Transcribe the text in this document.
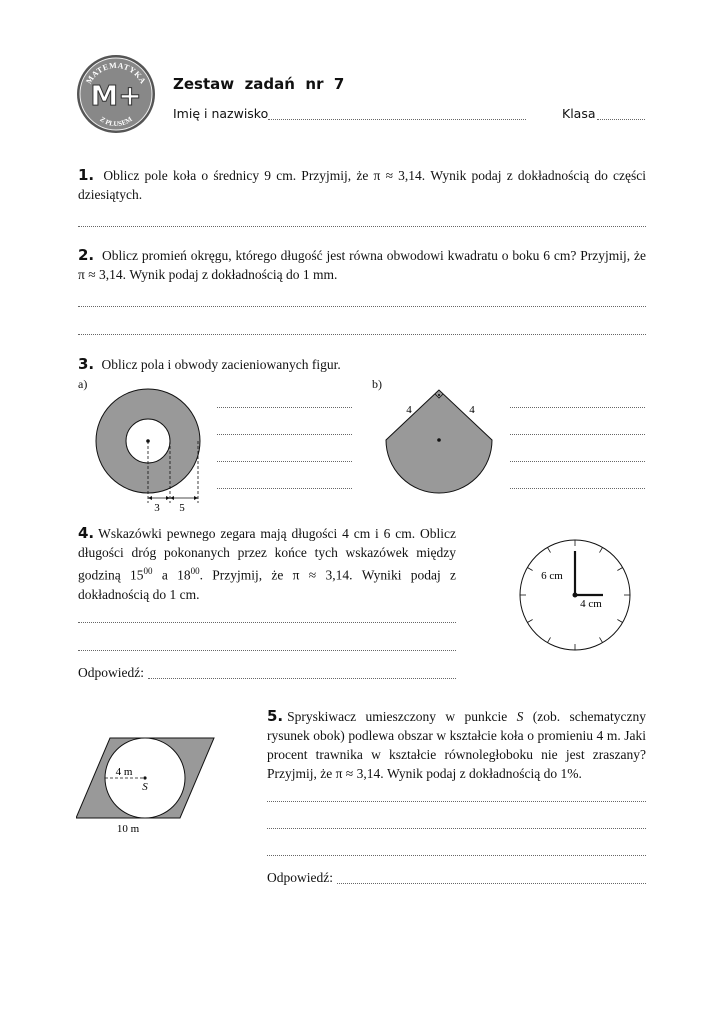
MATEMATYKA
Z PLUSEM
M+ Zestaw  zadań  nr  7
Imię i nazwisko	Klasa
1. Oblicz pole koła o średnicy 9 cm. Przyjmij, że π ≈ 3,14. Wynik podaj z dokładnością do części dziesiątych.
2. Oblicz promień okręgu, którego długość jest równa obwodowi kwadratu o boku 6 cm? Przyjmij, że π ≈ 3,14. Wynik podaj z dokładnością do 1 mm.
3. Oblicz pola i obwody zacieniowanych figur.
a)	b)
3 5
4	4
4. Wskazówki pewnego zegara mają długości 4 cm i 6 cm. Oblicz długości dróg pokonanych przez końce tych wskazówek między godziną $15^{00}$ a $18^{00}$. Przyjmij, że π ≈ 3,14. Wyniki podaj z dokładnością do 1 cm.
Odpowiedź:
6 cm
4 cm
4 m
S
10 m
5. Spryskiwacz umieszczony w punkcie S (zob. schematyczny rysunek obok) podlewa obszar w kształcie koła o promieniu 4 m. Jaki procent trawnika w kształcie równoległoboku nie jest zraszany? Przyjmij, że π ≈ 3,14. Wynik podaj z dokładnością do 1%.
Odpowiedź:
